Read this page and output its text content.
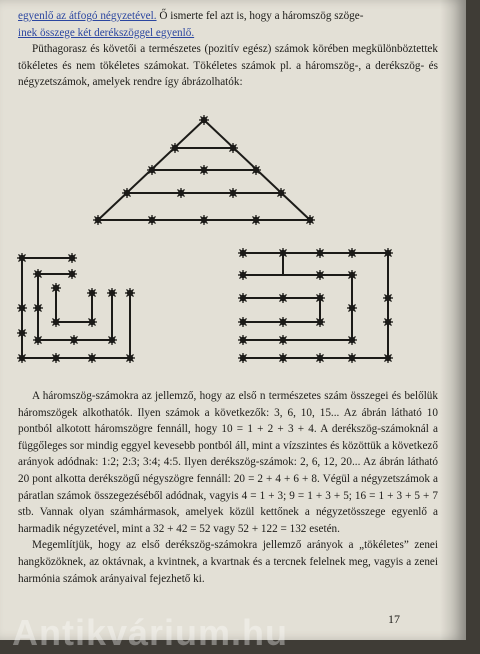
egyenlő az átfogó négyzetével. Ő ismerte fel azt is, hogy a háromszög szöge-

inek összege két derékszöggel egyenlő.

Püthagorasz és követői a természetes (pozitív egész) számok körében megkülönböztettek tökéletes és nem tökéletes számokat. Tökéletes számok pl. a háromszög-, a derékszög- és négyzetszámok, amelyek rendre így ábrázolhatók:

A háromszög-számokra az jellemző, hogy az első n természetes szám összegei és belőlük háromszögek alkothatók. Ilyen számok a következők: 3, 6, 10, 15... Az ábrán látható 10 pontból alkotott háromszögre fennáll, hogy 10 = 1 + 2 + 3 + 4. A derékszög-számoknál a függőleges sor mindig eggyel kevesebb pontból áll, mint a vízszintes és közöttük a következő arányok adódnak: 1:2; 2:3; 3:4; 4:5. Ilyen derékszög-számok: 2, 6, 12, 20... Az ábrán látható 20 pont alkotta derékszögű négyszögre fennáll: 20 = 2 + 4 + 6 + 8. Végül a négyzetszámok a páratlan számok összegezéséből adódnak, vagyis 4 = 1 + 3; 9 = 1 + 3 + 5; 16 = 1 + 3 + 5 + 7 stb. Vannak olyan számhármasok, amelyek közül kettőnek a négyzetösszege egyenlő a harmadik négyzetével, mint a 32 + 42 = 52 vagy 52 + 122 = 132 esetén.

Megemlítjük, hogy az első derékszög-számokra jellemző arányok a „tökéletes” zenei hangközöknek, az oktávnak, a kvintnek, a kvartnak és a tercnek felelnek meg, vagyis a zenei harmónia számok arányaival fejezhető ki.

17
Antikvárium.hu
